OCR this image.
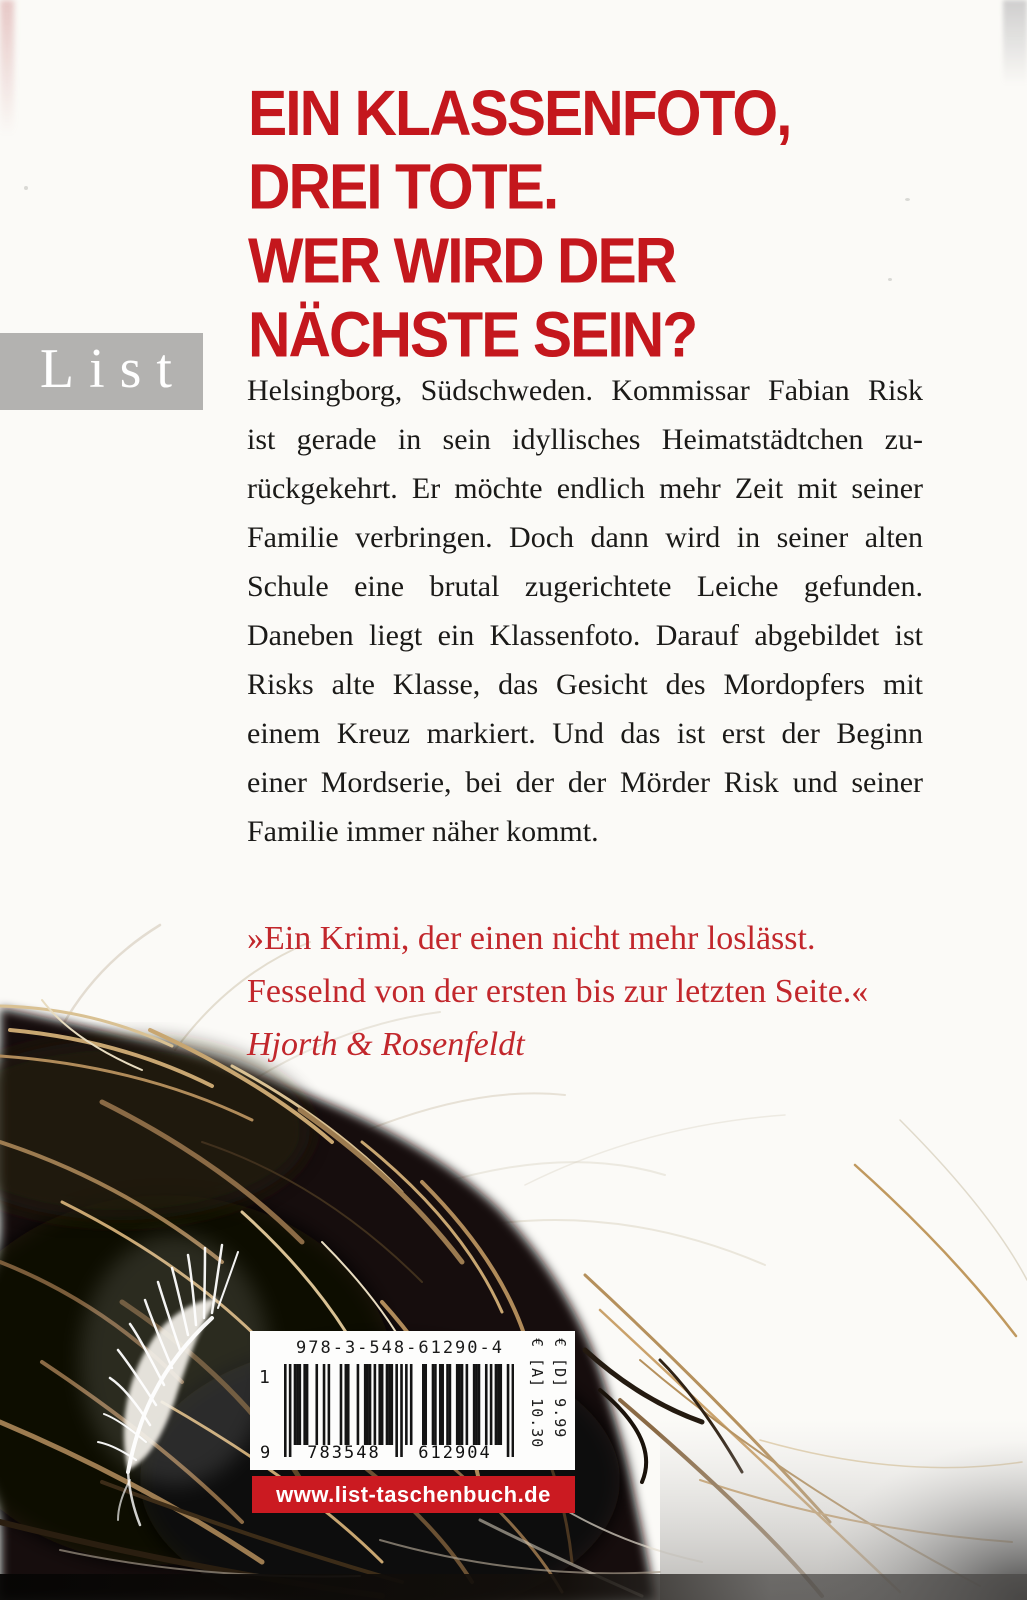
EIN KLASSENFOTO,
DREI TOTE.
WER WIRD DER
NÄCHSTE SEIN?
List Helsingborg, Südschweden. Kommissar Fabian Risk
ist gerade in sein idyllisches Heimatstädtchen zu-
rückgekehrt. Er möchte endlich mehr Zeit mit seiner
Familie verbringen. Doch dann wird in seiner alten
Schule eine brutal zugerichtete Leiche gefunden.
Daneben liegt ein Klassenfoto. Darauf abgebildet ist
Risks alte Klasse, das Gesicht des Mordopfers mit
einem Kreuz markiert. Und das ist erst der Beginn
einer Mordserie, bei der der Mörder Risk und seiner
Familie immer näher kommt.
»Ein Krimi, der einen nicht mehr loslässt.
Fesselnd von der ersten bis zur letzten Seite.«
Hjorth & Rosenfeldt
978-3-548-61290-4
1
9	783548	612904
€ [D] 9.99
€ [A] 10.30
www.list-taschenbuch.de
